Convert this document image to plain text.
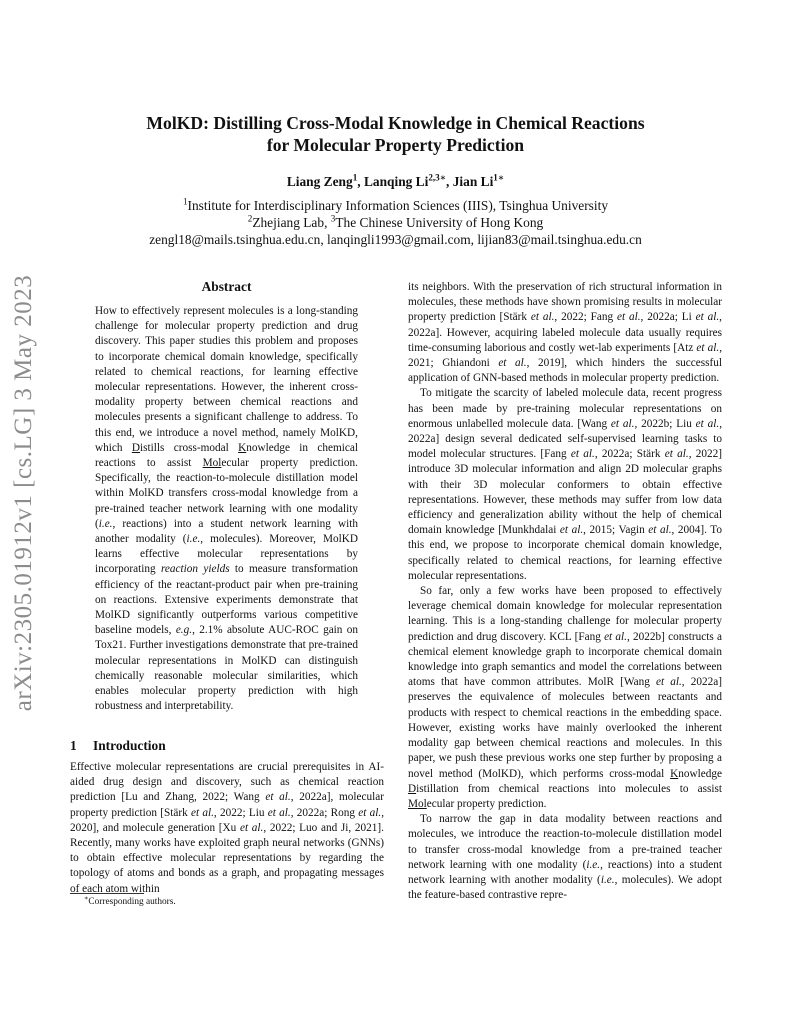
arXiv:2305.01912v1 [cs.LG] 3 May 2023
MolKD: Distilling Cross-Modal Knowledge in Chemical Reactions
for Molecular Property Prediction
Liang Zeng$^1$, Lanqing $Li^{2,3∗}$, Jian $Li^{1∗}$
$^1$Institute for Interdisciplinary Information Sciences (IIIS), Tsinghua University
$^2$Zhejiang Lab, $^3$The Chinese University of Hong Kong
zengl18@mails.tsinghua.edu.cn, lanqingli1993@gmail.com, lijian83@mail.tsinghua.edu.cn
Abstract

How to effectively represent molecules is a long-standing challenge for molecular property prediction and drug discovery. This paper studies this problem and proposes to incorporate chemical domain knowledge, specifically related to chemical reactions, for learning effective molecular representations. However, the inherent cross-modality property between chemical reactions and molecules presents a significant challenge to address. To this end, we introduce a novel method, namely MolKD, which Distills cross-modal Knowledge in chemical reactions to assist Molecular property prediction. Specifically, the reaction-to-molecule distillation model within MolKD transfers cross-modal knowledge from a pre-trained teacher network learning with one modality (i.e., reactions) into a student network learning with another modality (i.e., molecules). Moreover, MolKD learns effective molecular representations by incorporating reaction yields to measure transformation efficiency of the reactant-product pair when pre-training on reactions. Extensive experiments demonstrate that MolKD significantly outperforms various competitive baseline models, e.g., 2.1% absolute AUC-ROC gain on Tox21. Further investigations demonstrate that pre-trained molecular representations in MolKD can distinguish chemically reasonable molecular similarities, which enables molecular property prediction with high robustness and interpretability.

1 Introduction

Effective molecular representations are crucial prerequisites in AI-aided drug design and discovery, such as chemical reaction prediction [Lu and Zhang, 2022; Wang et al., 2022a], molecular property prediction [Stärk et al., 2022; Liu et al., 2022a; Rong et al., 2020], and molecule generation [Xu et al., 2022; Luo and Ji, 2021]. Recently, many works have exploited graph neural networks (GNNs) to obtain effective molecular representations by regarding the topology of atoms and bonds as a graph, and propagating messages of each atom within

∗Corresponding authors.

its neighbors. With the preservation of rich structural information in molecules, these methods have shown promising results in molecular property prediction [Stärk et al., 2022; Fang et al., 2022a; Li et al., 2022a]. However, acquiring labeled molecule data usually requires time-consuming laborious and costly wet-lab experiments [Atz et al., 2021; Ghiandoni et al., 2019], which hinders the successful application of GNN-based methods in molecular property prediction.

To mitigate the scarcity of labeled molecule data, recent progress has been made by pre-training molecular representations on enormous unlabelled molecule data. [Wang et al., 2022b; Liu et al., 2022a] design several dedicated self-supervised learning tasks to model molecular structures. [Fang et al., 2022a; Stärk et al., 2022] introduce 3D molecular information and align 2D molecular graphs with their 3D molecular conformers to obtain effective representations. However, these methods may suffer from low data efficiency and generalization ability without the help of chemical domain knowledge [Munkhdalai et al., 2015; Vagin et al., 2004]. To this end, we propose to incorporate chemical domain knowledge, specifically related to chemical reactions, for learning effective molecular representations.

So far, only a few works have been proposed to effectively leverage chemical domain knowledge for molecular representation learning. This is a long-standing challenge for molecular property prediction and drug discovery. KCL [Fang et al., 2022b] constructs a chemical element knowledge graph to incorporate chemical domain knowledge into graph semantics and model the correlations between atoms that have common attributes. MolR [Wang et al., 2022a] preserves the equivalence of molecules between reactants and products with respect to chemical reactions in the embedding space. However, existing works have mainly overlooked the inherent modality gap between chemical reactions and molecules. In this paper, we push these previous works one step further by proposing a novel method (MolKD), which performs cross-modal Knowledge Distillation from chemical reactions into molecules to assist Molecular property prediction.

To narrow the gap in data modality between reactions and molecules, we introduce the reaction-to-molecule distillation model to transfer cross-modal knowledge from a pre-trained teacher network learning with one modality (i.e., reactions) into a student network learning with another modality (i.e., molecules). We adopt the feature-based contrastive repre-
